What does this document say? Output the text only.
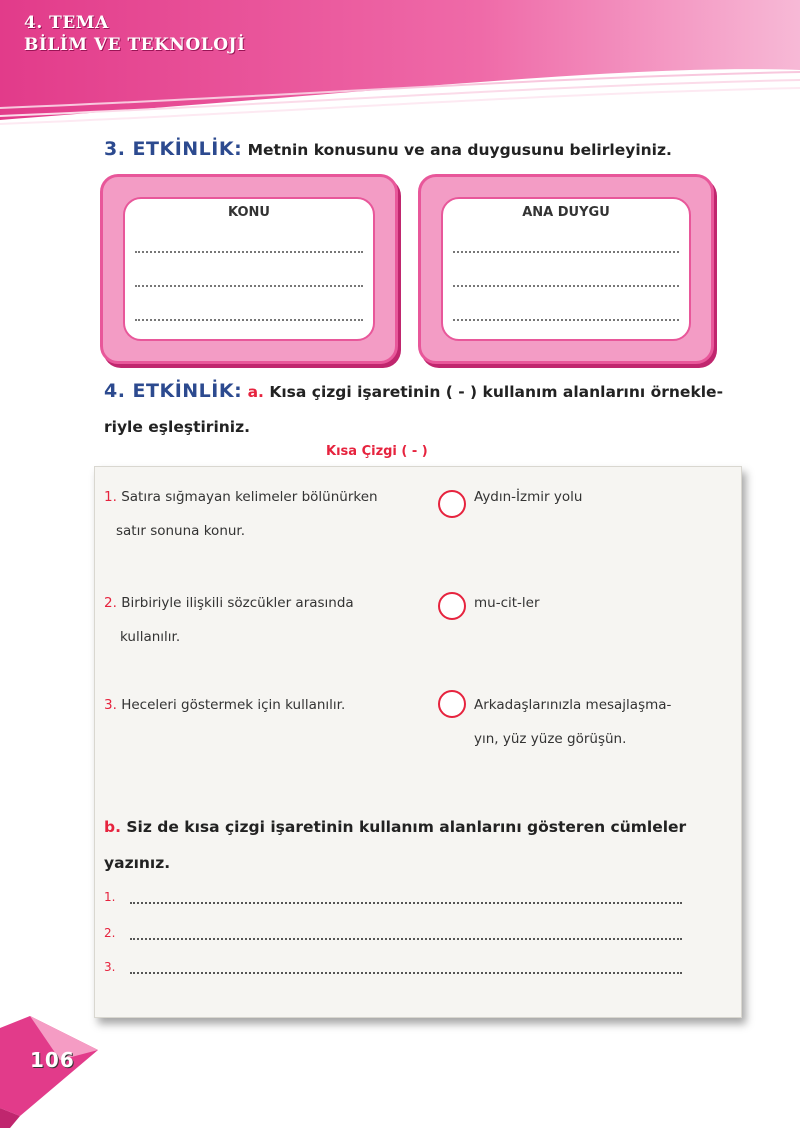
4. TEMA
BİLİM VE TEKNOLOJİ
3. ETKİNLİK: Metnin konusunu ve ana duygusunu belirleyiniz.
KONU	ANA DUYGU
4. ETKİNLİK: a. Kısa çizgi işaretinin ( - ) kullanım alanlarını örnekle-
riyle eşleştiriniz.
Kısa Çizgi ( - )
1. Satıra sığmayan kelimeler bölünürken
satır sonuna konur.
2. Birbiriyle ilişkili sözcükler arasında
kullanılır.
3. Heceleri göstermek için kullanılır.
Aydın-İzmir yolu
mu-cit-ler
Arkadaşlarınızla mesajlaşma-
yın, yüz yüze görüşün.
b. Siz de kısa çizgi işaretinin kullanım alanlarını gösteren cümleler
yazınız.
1.
2.
3.
106
